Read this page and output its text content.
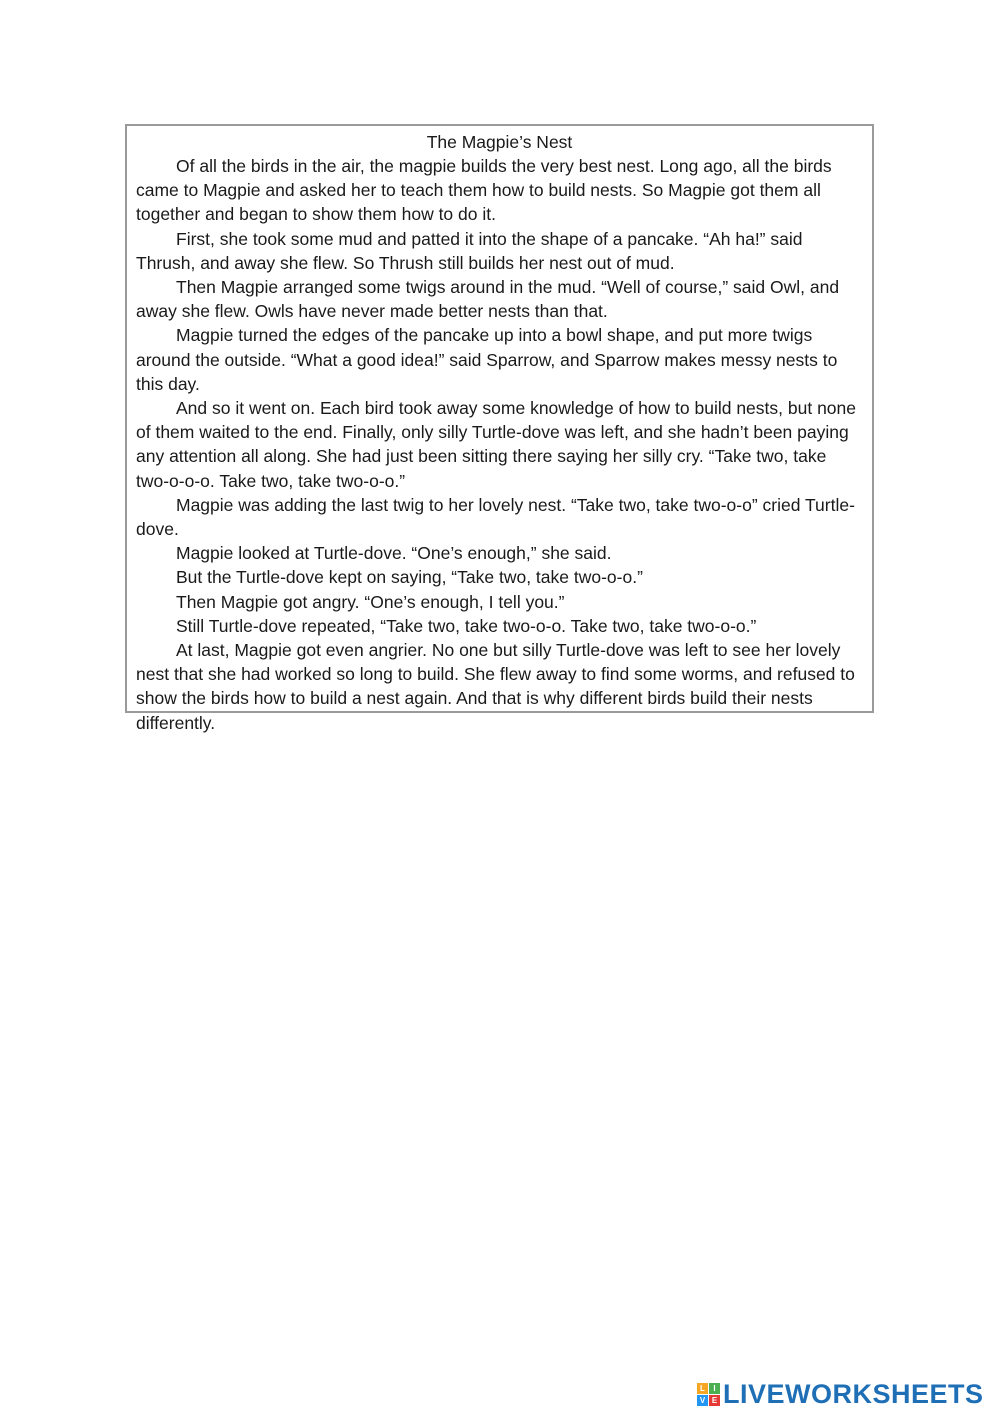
The Magpie’s Nest

Of all the birds in the air, the magpie builds the very best nest. Long ago, all the birds came to Magpie and asked her to teach them how to build nests. So Magpie got them all together and began to show them how to do it.

First, she took some mud and patted it into the shape of a pancake. “Ah ha!” said Thrush, and away she flew. So Thrush still builds her nest out of mud.

Then Magpie arranged some twigs around in the mud. “Well of course,” said Owl, and away she flew. Owls have never made better nests than that.

Magpie turned the edges of the pancake up into a bowl shape, and put more twigs around the outside. “What a good idea!” said Sparrow, and Sparrow makes messy nests to this day.

And so it went on. Each bird took away some knowledge of how to build nests, but none of them waited to the end. Finally, only silly Turtle-dove was left, and she hadn’t been paying any attention all along. She had just been sitting there saying her silly cry. “Take two, take two-o-o-o. Take two, take two-o-o.”

Magpie was adding the last twig to her lovely nest. “Take two, take two-o-o” cried Turtle-dove.

Magpie looked at Turtle-dove. “One’s enough,” she said.

But the Turtle-dove kept on saying, “Take two, take two-o-o.”

Then Magpie got angry. “One’s enough, I tell you.”

Still Turtle-dove repeated, “Take two, take two-o-o. Take two, take two-o-o.”

At last, Magpie got even angrier. No one but silly Turtle-dove was left to see her lovely nest that she had worked so long to build. She flew away to find some worms, and refused to show the birds how to build a nest again. And that is why different birds build their nests differently.

L	I
V E LIVEWORKSHEETS
